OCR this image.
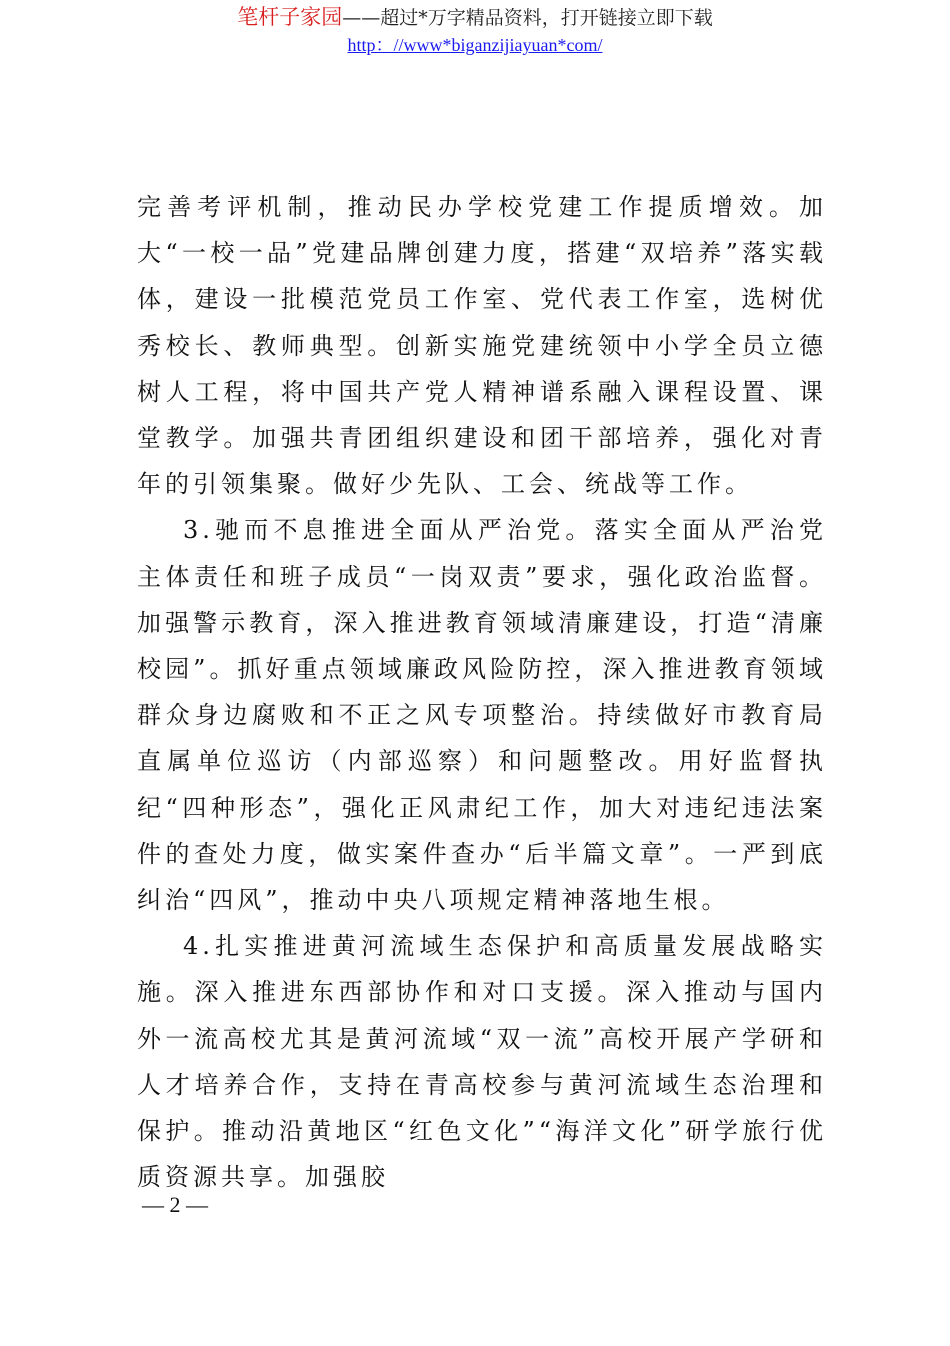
笔杆子家园——超过*万字精品资料，打开链接立即下载
http：//www*biganzijiayuan*com/

完善考评机制，推动民办学校党建工作提质增效。加大“一校一品”党建品牌创建力度，搭建“双培养”落实载体，建设一批模范党员工作室、党代表工作室，选树优秀校长、教师典型。创新实施党建统领中小学全员立德树人工程，将中国共产党人精神谱系融入课程设置、课堂教学。加强共青团组织建设和团干部培养，强化对青年的引领集聚。做好少先队、工会、统战等工作。

3.驰而不息推进全面从严治党。落实全面从严治党主体责任和班子成员“一岗双责”要求，强化政治监督。加强警示教育，深入推进教育领域清廉建设，打造“清廉校园”。抓好重点领域廉政风险防控，深入推进教育领域群众身边腐败和不正之风专项整治。持续做好市教育局直属单位巡访（内部巡察）和问题整改。用好监督执纪“四种形态”，强化正风肃纪工作，加大对违纪违法案件的查处力度，做实案件查办“后半篇文章”。一严到底纠治“四风”，推动中央八项规定精神落地生根。

4.扎实推进黄河流域生态保护和高质量发展战略实施。深入推进东西部协作和对口支援。深入推动与国内外一流高校尤其是黄河流域“双一流”高校开展产学研和人才培养合作，支持在青高校参与黄河流域生态治理和保护。推动沿黄地区“红色文化”“海洋文化”研学旅行优质资源共享。加强胶

— 2 —
